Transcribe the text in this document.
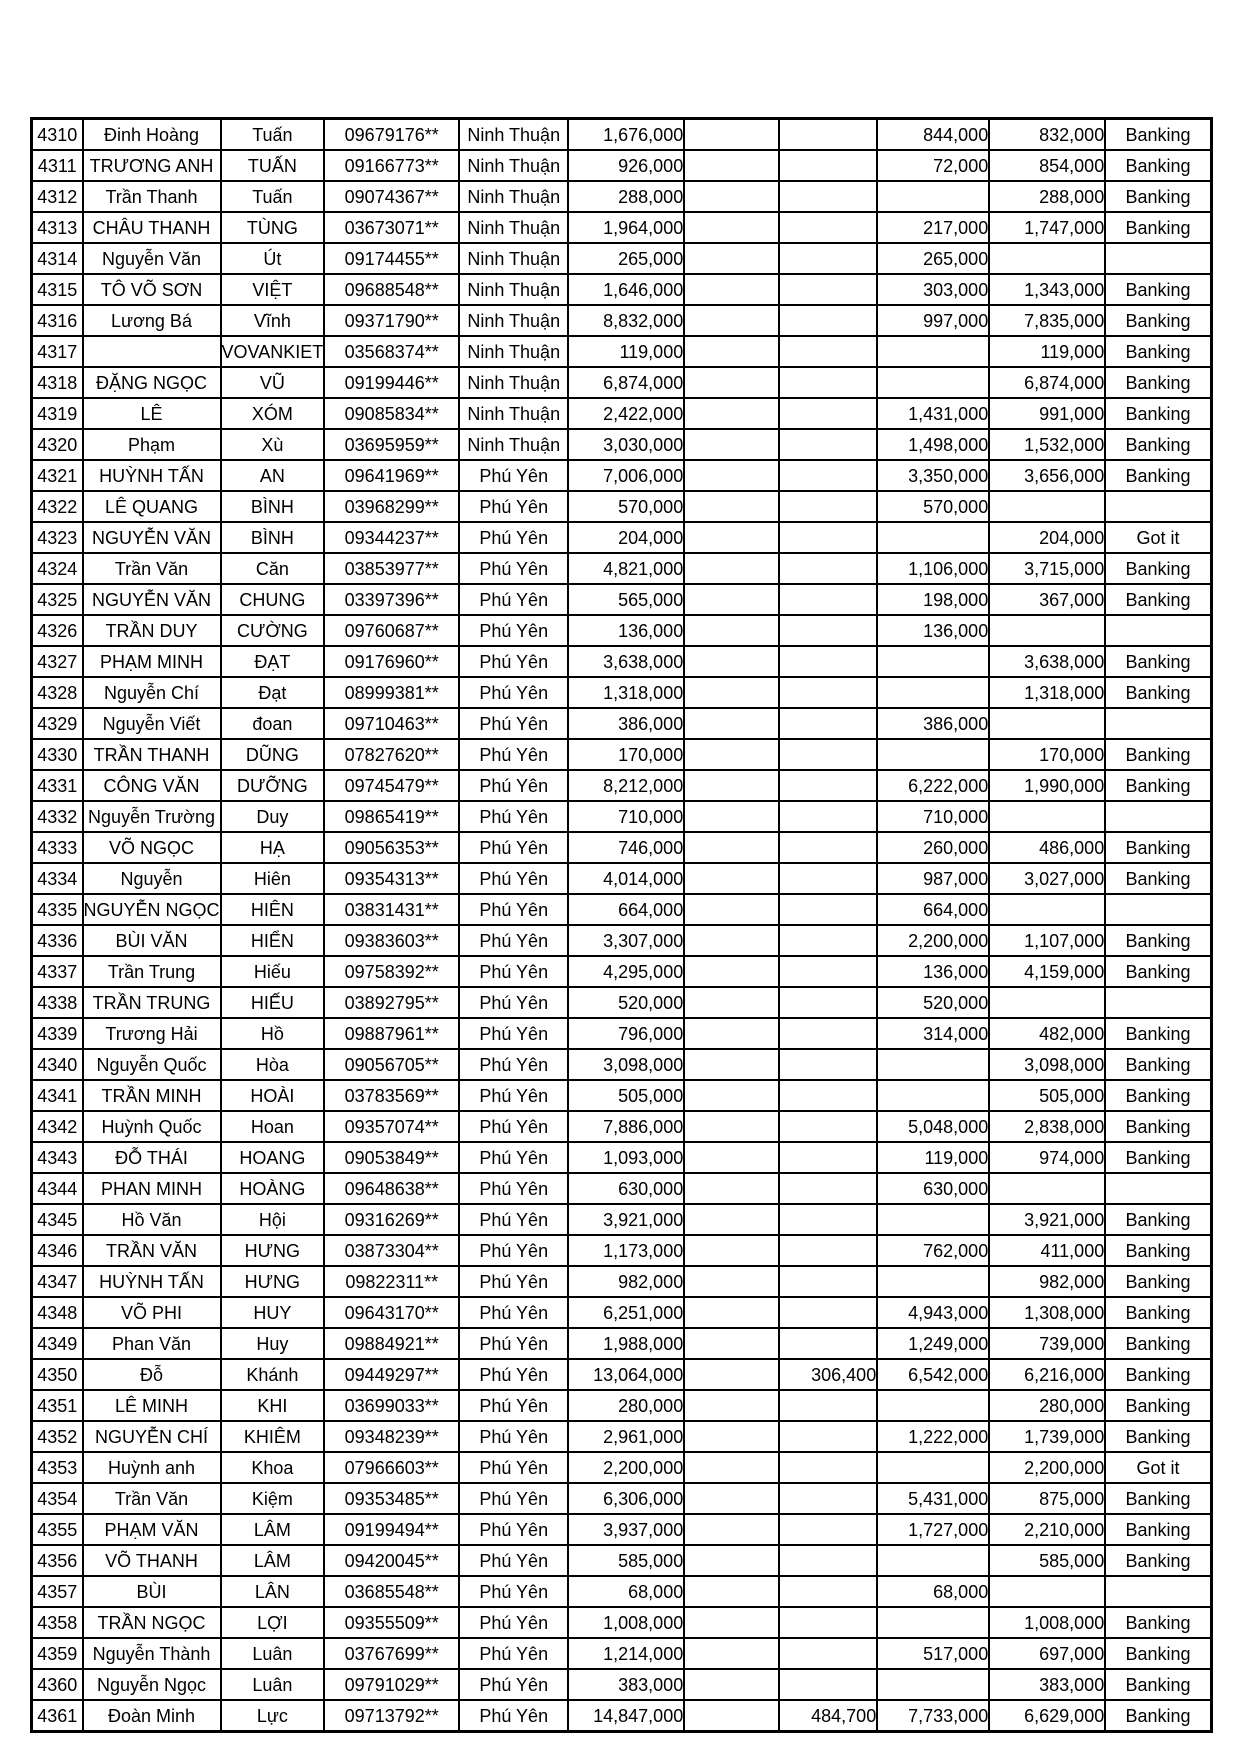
4310	Đinh Hoàng	Tuấn	09679176**	Ninh Thuận	1,676,000			844,000	832,000	Banking
4311	TRƯƠNG ANH	TUẤN	09166773**	Ninh Thuận	926,000			72,000	854,000	Banking
4312	Trần Thanh	Tuấn	09074367**	Ninh Thuận	288,000				288,000	Banking
4313	CHÂU THANH	TÙNG	03673071**	Ninh Thuận	1,964,000			217,000	1,747,000	Banking
4314	Nguyễn Văn	Út	09174455**	Ninh Thuận	265,000			265,000		
4315	TÔ VÕ SƠN	VIỆT	09688548**	Ninh Thuận	1,646,000			303,000	1,343,000	Banking
4316	Lương Bá	Vĩnh	09371790**	Ninh Thuận	8,832,000			997,000	7,835,000	Banking
4317		VOVANKIET	03568374**	Ninh Thuận	119,000				119,000	Banking
4318	ĐẶNG NGỌC	VŨ	09199446**	Ninh Thuận	6,874,000				6,874,000	Banking
4319	LÊ	XÓM	09085834**	Ninh Thuận	2,422,000			1,431,000	991,000	Banking
4320	Phạm	Xù	03695959**	Ninh Thuận	3,030,000			1,498,000	1,532,000	Banking
4321	HUỲNH TẤN	AN	09641969**	Phú Yên	7,006,000			3,350,000	3,656,000	Banking
4322	LÊ QUANG	BÌNH	03968299**	Phú Yên	570,000			570,000		
4323	NGUYỄN VĂN	BÌNH	09344237**	Phú Yên	204,000				204,000	Got it
4324	Trần Văn	Căn	03853977**	Phú Yên	4,821,000			1,106,000	3,715,000	Banking
4325	NGUYỄN VĂN	CHUNG	03397396**	Phú Yên	565,000			198,000	367,000	Banking
4326	TRẦN DUY	CƯỜNG	09760687**	Phú Yên	136,000			136,000		
4327	PHẠM MINH	ĐẠT	09176960**	Phú Yên	3,638,000				3,638,000	Banking
4328	Nguyễn Chí	Đạt	08999381**	Phú Yên	1,318,000				1,318,000	Banking
4329	Nguyễn Viết	đoan	09710463**	Phú Yên	386,000			386,000		
4330	TRẦN THANH	DŨNG	07827620**	Phú Yên	170,000				170,000	Banking
4331	CÔNG VĂN	DƯỠNG	09745479**	Phú Yên	8,212,000			6,222,000	1,990,000	Banking
4332	Nguyễn Trường	Duy	09865419**	Phú Yên	710,000			710,000		
4333	VÕ NGỌC	HẠ	09056353**	Phú Yên	746,000			260,000	486,000	Banking
4334	Nguyễn	Hiên	09354313**	Phú Yên	4,014,000			987,000	3,027,000	Banking
4335	NGUYỄN NGỌC	HIÊN	03831431**	Phú Yên	664,000			664,000		
4336	BÙI VĂN	HIỂN	09383603**	Phú Yên	3,307,000			2,200,000	1,107,000	Banking
4337	Trần Trung	Hiếu	09758392**	Phú Yên	4,295,000			136,000	4,159,000	Banking
4338	TRẦN TRUNG	HIẾU	03892795**	Phú Yên	520,000			520,000		
4339	Trương Hải	Hồ	09887961**	Phú Yên	796,000			314,000	482,000	Banking
4340	Nguyễn Quốc	Hòa	09056705**	Phú Yên	3,098,000				3,098,000	Banking
4341	TRẦN MINH	HOÀI	03783569**	Phú Yên	505,000				505,000	Banking
4342	Huỳnh Quốc	Hoan	09357074**	Phú Yên	7,886,000			5,048,000	2,838,000	Banking
4343	ĐỖ THÁI	HOANG	09053849**	Phú Yên	1,093,000			119,000	974,000	Banking
4344	PHAN MINH	HOÀNG	09648638**	Phú Yên	630,000			630,000		
4345	Hồ Văn	Hội	09316269**	Phú Yên	3,921,000				3,921,000	Banking
4346	TRẦN VĂN	HƯNG	03873304**	Phú Yên	1,173,000			762,000	411,000	Banking
4347	HUỲNH TẤN	HƯNG	09822311**	Phú Yên	982,000				982,000	Banking
4348	VÕ PHI	HUY	09643170**	Phú Yên	6,251,000			4,943,000	1,308,000	Banking
4349	Phan Văn	Huy	09884921**	Phú Yên	1,988,000			1,249,000	739,000	Banking
4350	Đỗ	Khánh	09449297**	Phú Yên	13,064,000		306,400	6,542,000	6,216,000	Banking
4351	LÊ MINH	KHI	03699033**	Phú Yên	280,000				280,000	Banking
4352	NGUYỄN CHÍ	KHIÊM	09348239**	Phú Yên	2,961,000			1,222,000	1,739,000	Banking
4353	Huỳnh anh	Khoa	07966603**	Phú Yên	2,200,000				2,200,000	Got it
4354	Trần Văn	Kiệm	09353485**	Phú Yên	6,306,000			5,431,000	875,000	Banking
4355	PHẠM VĂN	LÂM	09199494**	Phú Yên	3,937,000			1,727,000	2,210,000	Banking
4356	VÕ THANH	LÂM	09420045**	Phú Yên	585,000				585,000	Banking
4357	BÙI	LÂN	03685548**	Phú Yên	68,000			68,000		
4358	TRẦN NGỌC	LỢI	09355509**	Phú Yên	1,008,000				1,008,000	Banking
4359	Nguyễn Thành	Luân	03767699**	Phú Yên	1,214,000			517,000	697,000	Banking
4360	Nguyễn Ngọc	Luân	09791029**	Phú Yên	383,000				383,000	Banking
4361	Đoàn Minh	Lực	09713792**	Phú Yên	14,847,000		484,700	7,733,000	6,629,000	Banking
